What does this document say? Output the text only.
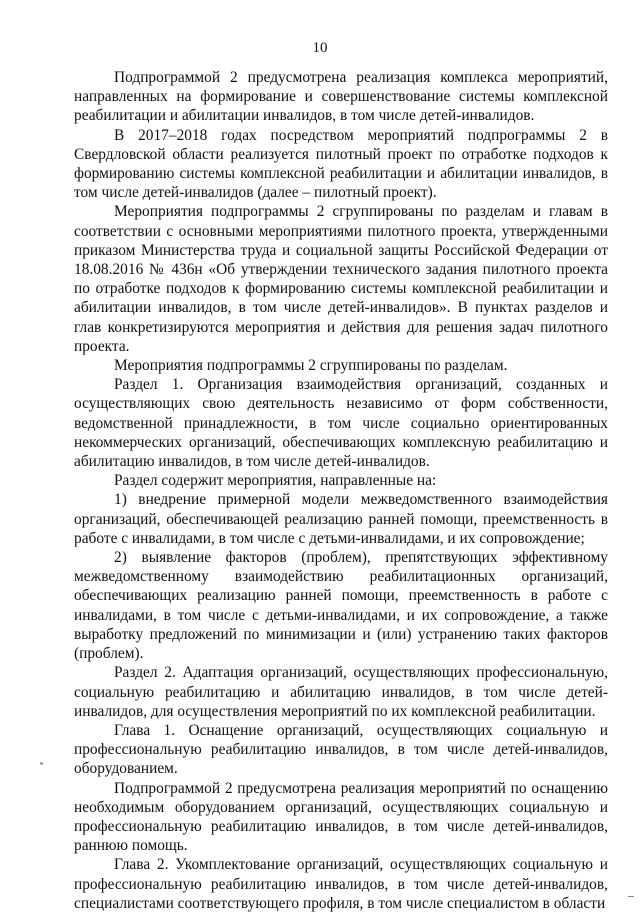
10

Подпрограммой 2 предусмотрена реализация комплекса мероприятий, направленных на формирование и совершенствование системы комплексной реабилитации и абилитации инвалидов, в том числе детей-инвалидов.

В 2017–2018 годах посредством мероприятий подпрограммы 2 в Свердловской области реализуется пилотный проект по отработке подходов к формированию системы комплексной реабилитации и абилитации инвалидов, в том числе детей-инвалидов (далее – пилотный проект).

Мероприятия подпрограммы 2 сгруппированы по разделам и главам в соответствии с основными мероприятиями пилотного проекта, утвержденными приказом Министерства труда и социальной защиты Российской Федерации от 18.08.2016 № 436н «Об утверждении технического задания пилотного проекта по отработке подходов к формированию системы комплексной реабилитации и абилитации инвалидов, в том числе детей-инвалидов». В пунктах разделов и глав конкретизируются мероприятия и действия для решения задач пилотного проекта.

Мероприятия подпрограммы 2 сгруппированы по разделам.

Раздел 1. Организация взаимодействия организаций, созданных и осуществляющих свою деятельность независимо от форм собственности, ведомственной принадлежности, в том числе социально ориентированных некоммерческих организаций, обеспечивающих комплексную реабилитацию и абилитацию инвалидов, в том числе детей-инвалидов.

Раздел содержит мероприятия, направленные на:

1) внедрение примерной модели межведомственного взаимодействия организаций, обеспечивающей реализацию ранней помощи, преемственность в работе с инвалидами, в том числе с детьми-инвалидами, и их сопровождение;

2) выявление факторов (проблем), препятствующих эффективному межведомственному взаимодействию реабилитационных организаций, обеспечивающих реализацию ранней помощи, преемственность в работе с инвалидами, в том числе с детьми-инвалидами, и их сопровождение, а также выработку предложений по минимизации и (или) устранению таких факторов (проблем).

Раздел 2. Адаптация организаций, осуществляющих профессиональную, социальную реабилитацию и абилитацию инвалидов, в том числе детей-инвалидов, для осуществления мероприятий по их комплексной реабилитации.

Глава 1. Оснащение организаций, осуществляющих социальную и профессиональную реабилитацию инвалидов, в том числе детей-инвалидов, оборудованием.

Подпрограммой 2 предусмотрена реализация мероприятий по оснащению необходимым оборудованием организаций, осуществляющих социальную и профессиональную реабилитацию инвалидов, в том числе детей-инвалидов, раннюю помощь.

Глава 2. Укомплектование организаций, осуществляющих социальную и профессиональную реабилитацию инвалидов, в том числе детей-инвалидов, специалистами соответствующего профиля, в том числе специалистом в области
